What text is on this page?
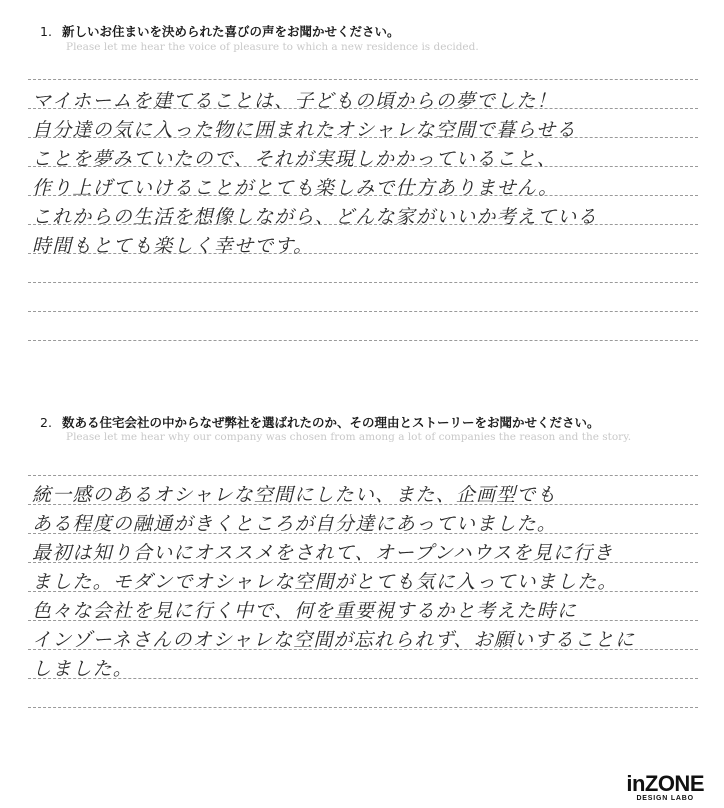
1. 新しいお住まいを決められた喜びの声をお聞かせください。
Please let me hear the voice of pleasure to which a new residence is decided.
マイホームを建てることは、子どもの頃からの夢でした！
自分達の気に入った物に囲まれたオシャレな空間で暮らせる
ことを夢みていたので、それが実現しかかっていること、
作り上げていけることがとても楽しみで仕方ありません。
これからの生活を想像しながら、どんな家がいいか考えている
時間もとても楽しく幸せです。
2. 数ある住宅会社の中からなぜ弊社を選ばれたのか、その理由とストーリーをお聞かせください。
Please let me hear why our company was chosen from among a lot of companies the reason and the story.
統一感のあるオシャレな空間にしたい、また、企画型でも
ある程度の融通がきくところが自分達にあっていました。
最初は知り合いにオススメをされて、オープンハウスを見に行き
ました。モダンでオシャレな空間がとても気に入っていました。
色々な会社を見に行く中で、何を重要視するかと考えた時に
インゾーネさんのオシャレな空間が忘れられず、お願いすることに
しました。
inZONE
DESIGN LABO
